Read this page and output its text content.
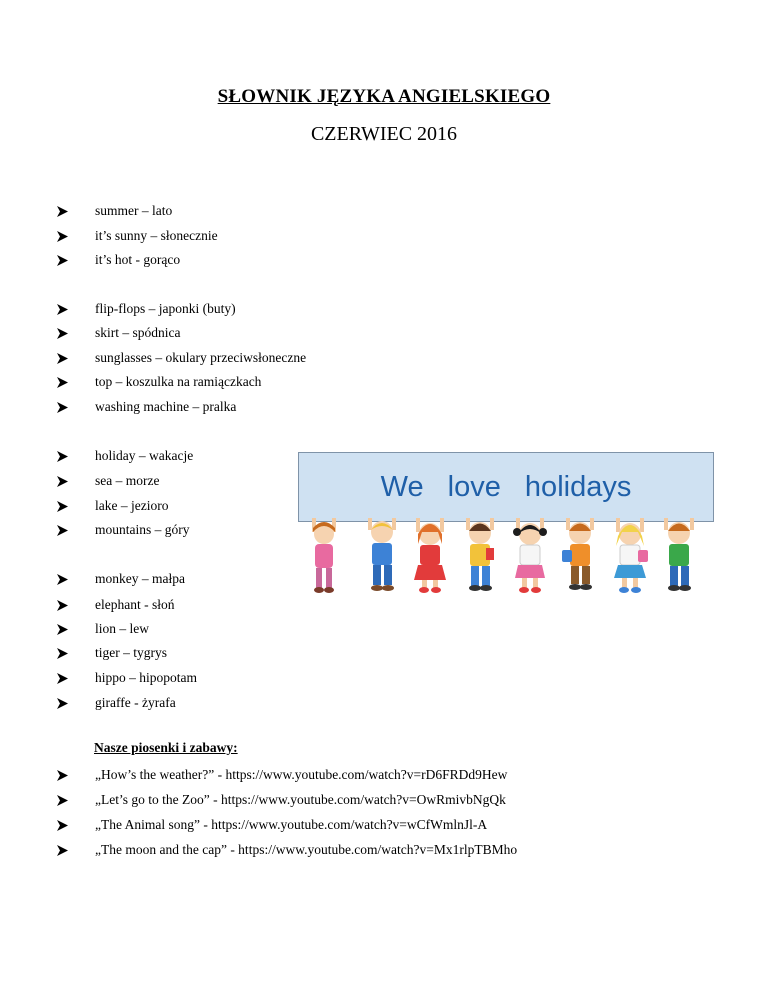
SŁOWNIK JĘZYKA ANGIELSKIEGO
CZERWIEC 2016
summer – lato
it’s sunny – słonecznie
it’s hot - gorąco
flip-flops – japonki (buty)
skirt – spódnica
sunglasses – okulary przeciwsłoneczne
top – koszulka na ramiączkach
washing machine – pralka
holiday – wakacje
sea – morze
lake – jezioro
mountains – góry
monkey – małpa
elephant - słoń
lion – lew
tiger – tygrys
hippo – hipopotam
giraffe - żyrafa
We love holidays
Nasze piosenki i zabawy:
„How’s the weather?” - https://www.youtube.com/watch?v=rD6FRDd9Hew
„Let’s go to the Zoo” - https://www.youtube.com/watch?v=OwRmivbNgQk
„The Animal song” - https://www.youtube.com/watch?v=wCfWmlnJl-A
„The moon and the cap” - https://www.youtube.com/watch?v=Mx1rlpTBMho
